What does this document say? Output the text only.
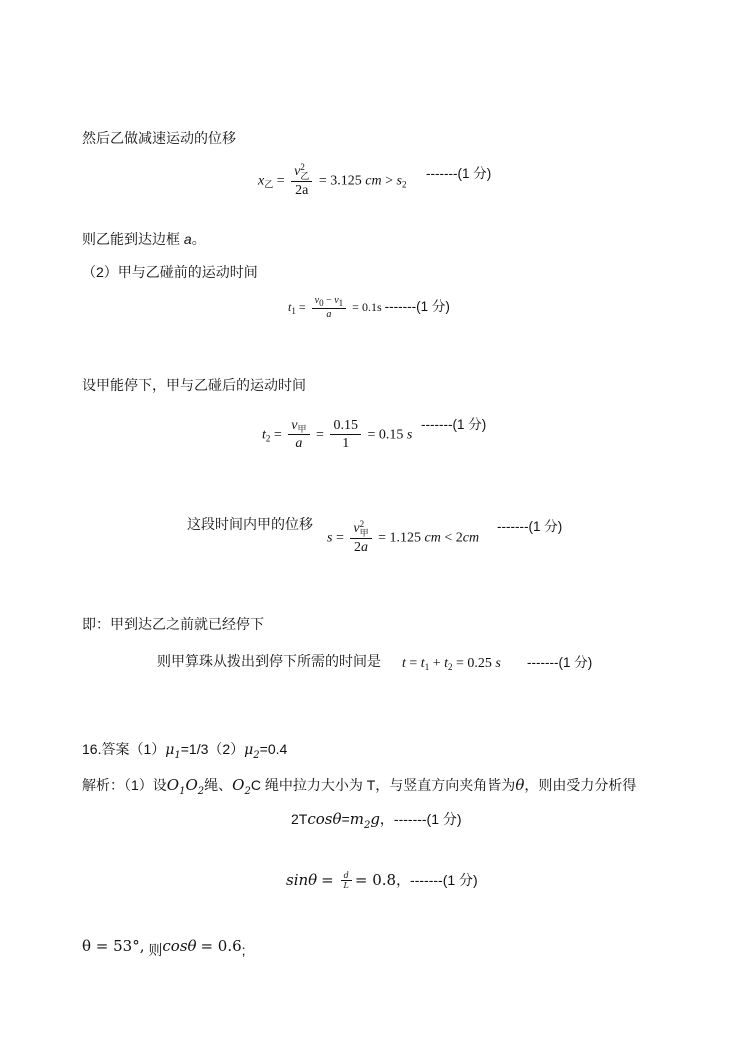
然后乙做减速运动的位移
$x_乙$ =
v2
乙
2a
= 3.125 cm > $s_2$
-------(1 分)
则乙能到达边框 a。
（2）甲与乙碰前的运动时间
$t_1 = \frac{v0 - v1}{a} = 0.1s$ -------(1 分)
设甲能停下，甲与乙碰后的运动时间
$t_2 = \frac{v_甲}{a} = \frac{0.15}{1} = 0.15$ s
-------(1 分)
这段时间内甲的位移
s =
v2
甲
2a
= 1.125 cm < 2cm
-------(1 分)
即：甲到达乙之前就已经停下
则甲算珠从拨出到停下所需的时间是 $t = t_1 + t_2 = 0.25$ s -------(1 分)
16.答案$(1)\mu_1=1/3(2)\mu_2=0.4$
解析：（1）设$O_1O_2$绳、$O_2C$ 绳中拉力大小为 T，与竖直方向夹角皆为θ，则由受力分析得
$2Tcos\theta=m_2g$，-------(1 分)
$\sin\theta = \frac{d}{L} = 0.8$，-------(1 分)
θ = 53°, 则cosθ = 0.6;
